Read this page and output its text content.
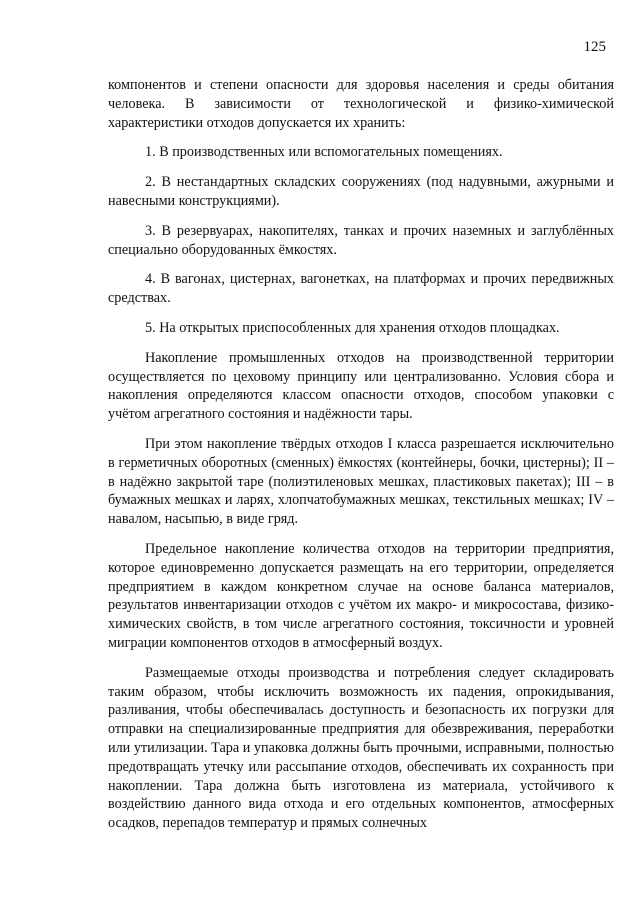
125

компонентов и степени опасности для здоровья населения и среды обитания человека. В зависимости от технологической и физико-химической характеристики отходов допускается их хранить:

1. В производственных или вспомогательных помещениях.

2. В нестандартных складских сооружениях (под надувными, ажурными и навесными конструкциями).

3. В резервуарах, накопителях, танках и прочих наземных и заглублённых специально оборудованных ёмкостях.

4. В вагонах, цистернах, вагонетках, на платформах и прочих передвижных средствах.

5. На открытых приспособленных для хранения отходов площадках.

Накопление промышленных отходов на производственной территории осуществляется по цеховому принципу или централизованно. Условия сбора и накопления определяются классом опасности отходов, способом упаковки с учётом агрегатного состояния и надёжности тары.

При этом накопление твёрдых отходов I класса разрешается исключительно в герметичных оборотных (сменных) ёмкостях (контейнеры, бочки, цистерны); II – в надёжно закрытой таре (полиэтиленовых мешках, пластиковых пакетах); III – в бумажных мешках и ларях, хлопчатобумажных мешках, текстильных мешках; IV – навалом, насыпью, в виде гряд.

Предельное накопление количества отходов на территории предприятия, которое единовременно допускается размещать на его территории, определяется предприятием в каждом конкретном случае на основе баланса материалов, результатов инвентаризации отходов с учётом их макро- и микросостава, физико-химических свойств, в том числе агрегатного состояния, токсичности и уровней миграции компонентов отходов в атмосферный воздух.

Размещаемые отходы производства и потребления следует складировать таким образом, чтобы исключить возможность их падения, опрокидывания, разливания, чтобы обеспечивалась доступность и безопасность их погрузки для отправки на специализированные предприятия для обезвреживания, переработки или утилизации. Тара и упаковка должны быть прочными, исправными, полностью предотвращать утечку или рассыпание отходов, обеспечивать их сохранность при накоплении. Тара должна быть изготовлена из материала, устойчивого к воздействию данного вида отхода и его отдельных компонентов, атмосферных осадков, перепадов температур и прямых солнечных
